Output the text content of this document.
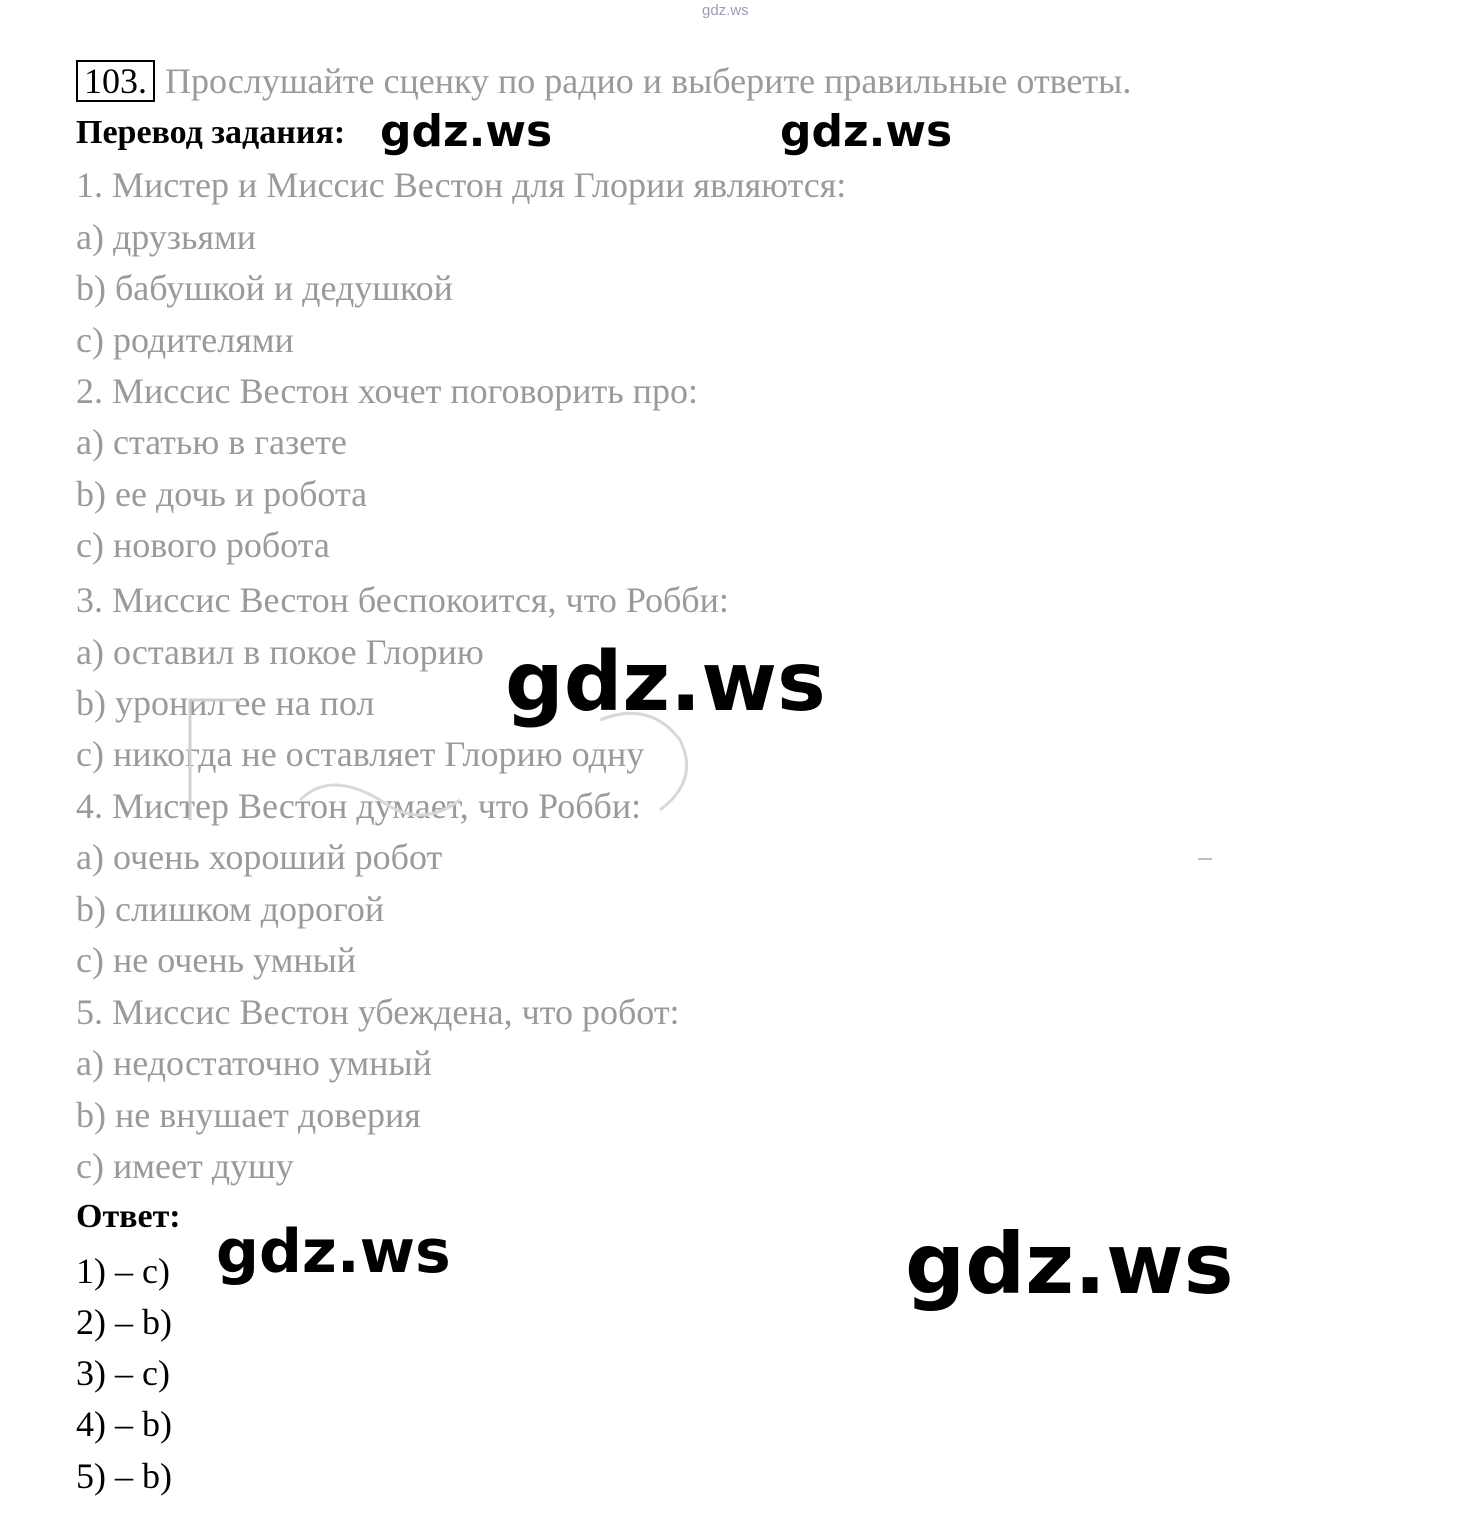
gdz.ws
103. Прослушайте сценку по радио и выберите правильные ответы.
Перевод задания:
1. Мистер и Миссис Вестон для Глории являются:
a) друзьями
b) бабушкой и дедушкой
c) родителями
2. Миссис Вестон хочет поговорить про:
a) статью в газете
b) ее дочь и робота
c) нового робота
3. Миссис Вестон беспокоится, что Робби:
a) оставил в покое Глорию
b) уронил ее на пол
c) никогда не оставляет Глорию одну
4. Мистер Вестон думает, что Робби:
a) очень хороший робот
b) слишком дорогой
c) не очень умный
5. Миссис Вестон убеждена, что робот:
a) недостаточно умный
b) не внушает доверия
c) имеет душу
Ответ:
1) – c)
2) – b)
3) – c)
4) – b)
5) – b)
gdz.ws	gdz.ws
gdz.ws
gdz.ws	gdz.ws
